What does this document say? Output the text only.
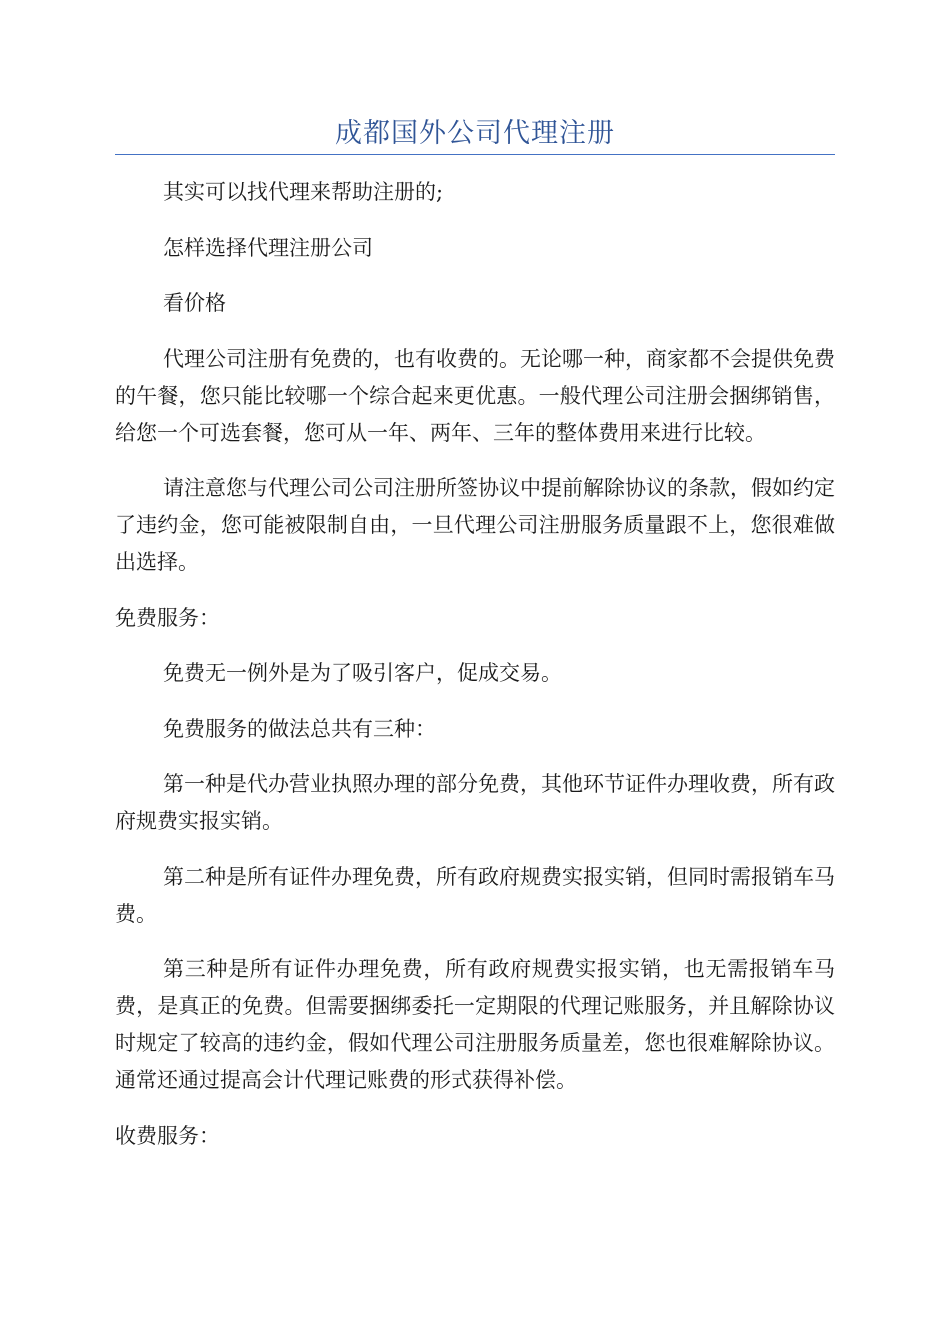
成都国外公司代理注册

其实可以找代理来帮助注册的;

怎样选择代理注册公司

看价格

代理公司注册有免费的，也有收费的。无论哪一种，商家都不会提供免费的午餐，您只能比较哪一个综合起来更优惠。一般代理公司注册会捆绑销售，给您一个可选套餐，您可从一年、两年、三年的整体费用来进行比较。

请注意您与代理公司公司注册所签协议中提前解除协议的条款，假如约定了违约金，您可能被限制自由，一旦代理公司注册服务质量跟不上，您很难做出选择。

免费服务：

免费无一例外是为了吸引客户，促成交易。

免费服务的做法总共有三种：

第一种是代办营业执照办理的部分免费，其他环节证件办理收费，所有政府规费实报实销。

第二种是所有证件办理免费，所有政府规费实报实销，但同时需报销车马费。

第三种是所有证件办理免费，所有政府规费实报实销，也无需报销车马费，是真正的免费。但需要捆绑委托一定期限的代理记账服务，并且解除协议时规定了较高的违约金，假如代理公司注册服务质量差，您也很难解除协议。通常还通过提高会计代理记账费的形式获得补偿。

收费服务：
